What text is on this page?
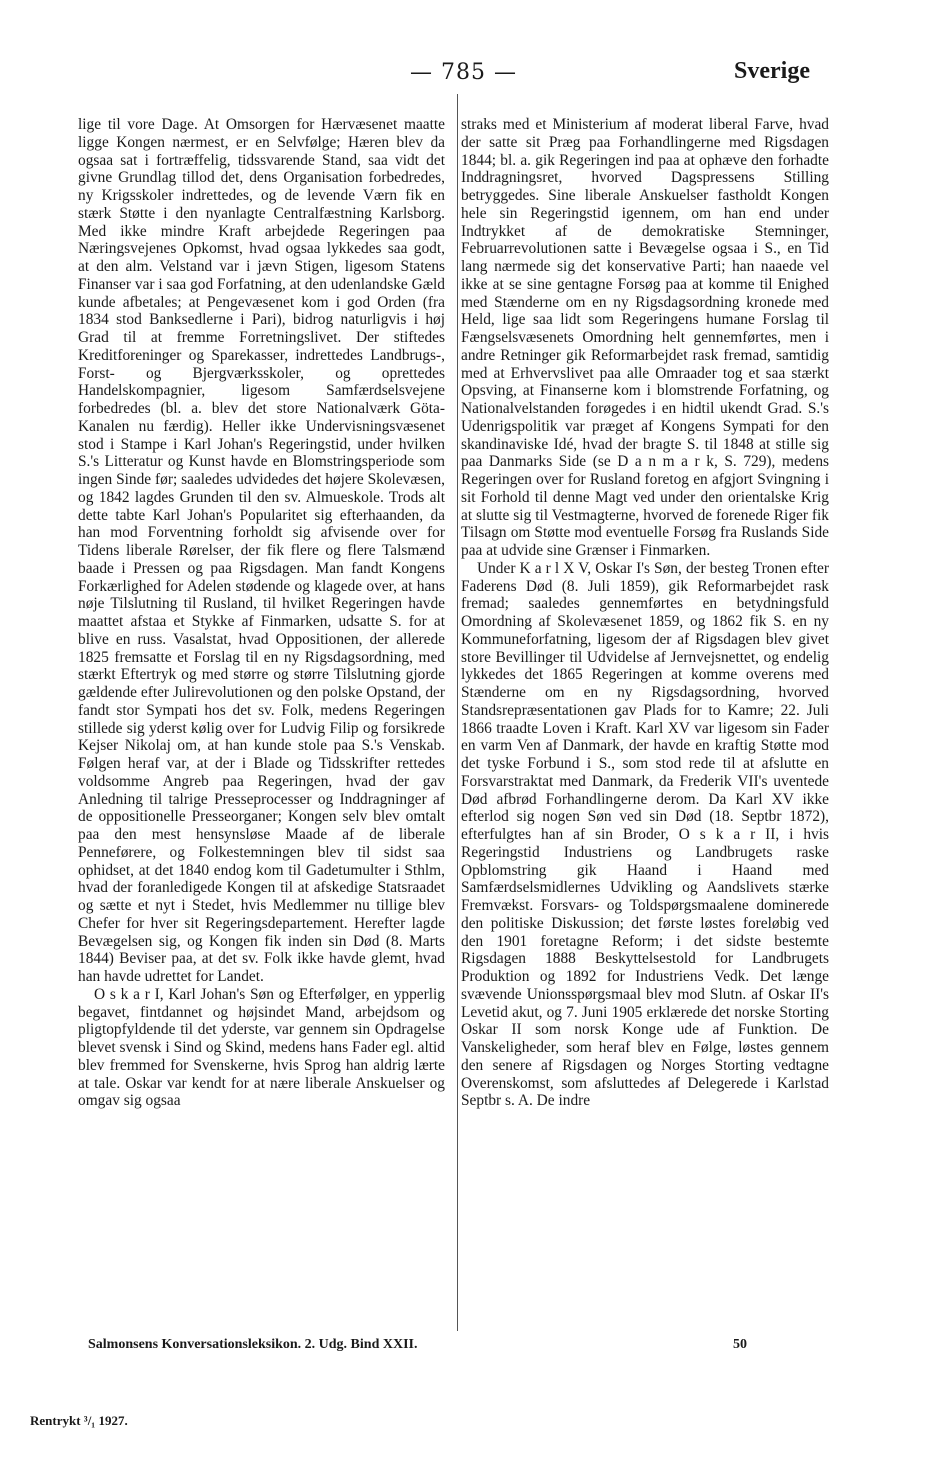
— 785 —	Sverige

lige til vore Dage. At Omsorgen for Hærvæsenet maatte ligge Kongen nærmest, er en Selvfølge; Hæren blev da ogsaa sat i fortræffelig, tidssvarende Stand, saa vidt det givne Grundlag tillod det, dens Organisation forbedredes, ny Krigsskoler indrettedes, og de levende Værn fik en stærk Støtte i den nyanlagte Centralfæstning Karlsborg. Med ikke mindre Kraft arbejdede Regeringen paa Næringsvejenes Opkomst, hvad ogsaa lykkedes saa godt, at den alm. Velstand var i jævn Stigen, ligesom Statens Finanser var i saa god Forfatning, at den udenlandske Gæld kunde afbetales; at Pengevæsenet kom i god Orden (fra 1834 stod Banksedlerne i Pari), bidrog naturligvis i høj Grad til at fremme Forretningslivet. Der stiftedes Kreditforeninger og Sparekasser, indrettedes Landbrugs-, Forst- og Bjergværksskoler, og oprettedes Handelskompagnier, ligesom Samfærdselsvejene forbedredes (bl. a. blev det store Nationalværk Göta-Kanalen nu færdig). Heller ikke Undervisningsvæsenet stod i Stampe i Karl Johan's Regeringstid, under hvilken S.'s Litteratur og Kunst havde en Blomstringsperiode som ingen Sinde før; saaledes udvidedes det højere Skolevæsen, og 1842 lagdes Grunden til den sv. Almueskole. Trods alt dette tabte Karl Johan's Popularitet sig efterhaanden, da han mod Forventning forholdt sig afvisende over for Tidens liberale Rørelser, der fik flere og flere Talsmænd baade i Pressen og paa Rigsdagen. Man fandt Kongens Forkærlighed for Adelen stødende og klagede over, at hans nøje Tilslutning til Rusland, til hvilket Regeringen havde maattet afstaa et Stykke af Finmarken, udsatte S. for at blive en russ. Vasalstat, hvad Oppositionen, der allerede 1825 fremsatte et Forslag til en ny Rigsdagsordning, med stærkt Eftertryk og med større og større Tilslutning gjorde gældende efter Julirevolutionen og den polske Opstand, der fandt stor Sympati hos det sv. Folk, medens Regeringen stillede sig yderst kølig over for Ludvig Filip og forsikrede Kejser Nikolaj om, at han kunde stole paa S.'s Venskab. Følgen heraf var, at der i Blade og Tidsskrifter rettedes voldsomme Angreb paa Regeringen, hvad der gav Anledning til talrige Presseprocesser og Inddragninger af de oppositionelle Presseorganer; Kongen selv blev omtalt paa den mest hensynsløse Maade af de liberale Penneførere, og Folkestemningen blev til sidst saa ophidset, at det 1840 endog kom til Gadetumulter i Sthlm, hvad der foranledigede Kongen til at afskedige Statsraadet og sætte et nyt i Stedet, hvis Medlemmer nu tillige blev Chefer for hver sit Regeringsdepartement. Herefter lagde Bevægelsen sig, og Kongen fik inden sin Død (8. Marts 1844) Beviser paa, at det sv. Folk ikke havde glemt, hvad han havde udrettet for Landet.

O s k a r I, Karl Johan's Søn og Efterfølger, en ypperlig begavet, fintdannet og højsindet Mand, arbejdsom og pligtopfyldende til det yderste, var gennem sin Opdragelse blevet svensk i Sind og Skind, medens hans Fader egl. altid blev fremmed for Svenskerne, hvis Sprog han aldrig lærte at tale. Oskar var kendt for at nære liberale Anskuelser og omgav sig ogsaa

straks med et Ministerium af moderat liberal Farve, hvad der satte sit Præg paa Forhandlingerne med Rigsdagen 1844; bl. a. gik Regeringen ind paa at ophæve den forhadte Inddragningsret, hvorved Dagspressens Stilling betryggedes. Sine liberale Anskuelser fastholdt Kongen hele sin Regeringstid igennem, om han end under Indtrykket af de demokratiske Stemninger, Februarrevolutionen satte i Bevægelse ogsaa i S., en Tid lang nærmede sig det konservative Parti; han naaede vel ikke at se sine gentagne Forsøg paa at komme til Enighed med Stænderne om en ny Rigsdagsordning kronede med Held, lige saa lidt som Regeringens humane Forslag til Fængselsvæsenets Omordning helt gennemførtes, men i andre Retninger gik Reformarbejdet rask fremad, samtidig med at Erhvervslivet paa alle Omraader tog et saa stærkt Opsving, at Finanserne kom i blomstrende Forfatning, og Nationalvelstanden forøgedes i en hidtil ukendt Grad. S.'s Udenrigspolitik var præget af Kongens Sympati for den skandinaviske Idé, hvad der bragte S. til 1848 at stille sig paa Danmarks Side (se D a n m a r k, S. 729), medens Regeringen over for Rusland foretog en afgjort Svingning i sit Forhold til denne Magt ved under den orientalske Krig at slutte sig til Vestmagterne, hvorved de forenede Riger fik Tilsagn om Støtte mod eventuelle Forsøg fra Ruslands Side paa at udvide sine Grænser i Finmarken.

Under K a r l X V, Oskar I's Søn, der besteg Tronen efter Faderens Død (8. Juli 1859), gik Reformarbejdet rask fremad; saaledes gennemførtes en betydningsfuld Omordning af Skolevæsenet 1859, og 1862 fik S. en ny Kommuneforfatning, ligesom der af Rigsdagen blev givet store Bevillinger til Udvidelse af Jernvejsnettet, og endelig lykkedes det 1865 Regeringen at komme overens med Stænderne om en ny Rigsdagsordning, hvorved Standsrepræsentationen gav Plads for to Kamre; 22. Juli 1866 traadte Loven i Kraft. Karl XV var ligesom sin Fader en varm Ven af Danmark, der havde en kraftig Støtte mod det tyske Forbund i S., som stod rede til at afslutte en Forsvarstraktat med Danmark, da Frederik VII's uventede Død afbrød Forhandlingerne derom. Da Karl XV ikke efterlod sig nogen Søn ved sin Død (18. Septbr 1872), efterfulgtes han af sin Broder, O s k a r II, i hvis Regeringstid Industriens og Landbrugets raske Opblomstring gik Haand i Haand med Samfærdselsmidlernes Udvikling og Aandslivets stærke Fremvækst. Forsvars- og Toldspørgsmaalene dominerede den politiske Diskussion; det første løstes foreløbig ved den 1901 foretagne Reform; i det sidste bestemte Rigsdagen 1888 Beskyttelsestold for Landbrugets Produktion og 1892 for Industriens Vedk. Det længe svævende Unionsspørgsmaal blev mod Slutn. af Oskar II's Levetid akut, og 7. Juni 1905 erklærede det norske Storting Oskar II som norsk Konge ude af Funktion. De Vanskeligheder, som heraf blev en Følge, løstes gennem den senere af Rigsdagen og Norges Storting vedtagne Overenskomst, som afsluttedes af Delegerede i Karlstad Septbr s. A. De indre

Salmonsens Konversationsleksikon. 2. Udg. Bind XXII.	50
Rentrykt ³/₁ 1927.
